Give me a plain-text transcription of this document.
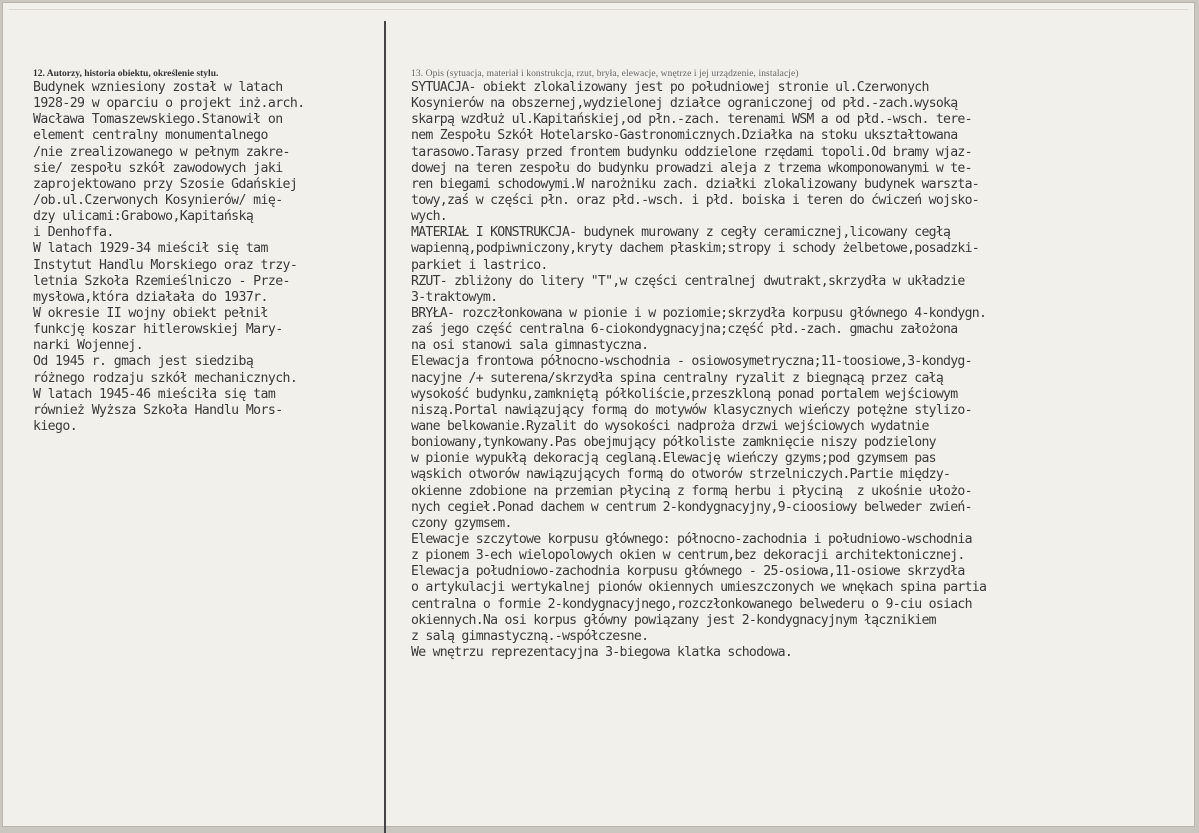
12. Autorzy, historia obiektu, określenie stylu.
Budynek wzniesiony został w latach
1928-29 w oparciu o projekt inż.arch.
Wacława Tomaszewskiego.Stanowił on
element centralny monumentalnego
/nie zrealizowanego w pełnym zakre-
sie/ zespołu szkół zawodowych jaki
zaprojektowano przy Szosie Gdańskiej
/ob.ul.Czerwonych Kosynierów/ mię-
dzy ulicami:Grabowo,Kapitańską
i Denhoffa.
W latach 1929-34 mieścił się tam
Instytut Handlu Morskiego oraz trzy-
letnia Szkoła Rzemieślniczo - Prze-
mysłowa,która działała do 1937r.
W okresie II wojny obiekt pełnił
funkcję koszar hitlerowskiej Mary-
narki Wojennej.
Od 1945 r. gmach jest siedzibą
różnego rodzaju szkół mechanicznych.
W latach 1945-46 mieściła się tam
również Wyższa Szkoła Handlu Mors-
kiego.
13. Opis (sytuacja, materiał i konstrukcja, rzut, bryła, elewacje, wnętrze i jej urządzenie, instalacje)
SYTUACJA- obiekt zlokalizowany jest po południowej stronie ul.Czerwonych
Kosynierów na obszernej,wydzielonej działce ograniczonej od płd.-zach.wysoką
skarpą wzdłuż ul.Kapitańskiej,od płn.-zach. terenami WSM a od płd.-wsch. tere-
nem Zespołu Szkół Hotelarsko-Gastronomicznych.Działka na stoku ukształtowana
tarasowo.Tarasy przed frontem budynku oddzielone rzędami topoli.Od bramy wjaz-
dowej na teren zespołu do budynku prowadzi aleja z trzema wkomponowanymi w te-
ren biegami schodowymi.W narożniku zach. działki zlokalizowany budynek warszta-
towy,zaś w części płn. oraz płd.-wsch. i płd. boiska i teren do ćwiczeń wojsko-
wych.
MATERIAŁ I KONSTRUKCJA- budynek murowany z cegły ceramicznej,licowany cegłą
wapienną,podpiwniczony,kryty dachem płaskim;stropy i schody żelbetowe,posadzki-
parkiet i lastrico.
RZUT- zbliżony do litery "T",w części centralnej dwutrakt,skrzydła w układzie
3-traktowym.
BRYŁA- rozczłonkowana w pionie i w poziomie;skrzydła korpusu głównego 4-kondygn.
zaś jego część centralna 6-ciokondygnacyjna;część płd.-zach. gmachu założona
na osi stanowi sala gimnastyczna.
Elewacja frontowa północno-wschodnia - osiowosymetryczna;11-toosiowe,3-kondyg-
nacyjne /+ suterena/skrzydła spina centralny ryzalit z biegnącą przez całą
wysokość budynku,zamkniętą półkoliście,przeszkloną ponad portalem wejściowym
niszą.Portal nawiązujący formą do motywów klasycznych wieńczy potężne stylizo-
wane belkowanie.Ryzalit do wysokości nadproża drzwi wejściowych wydatnie
boniowany,tynkowany.Pas obejmujący półkoliste zamknięcie niszy podzielony
w pionie wypukłą dekoracją ceglaną.Elewację wieńczy gzyms;pod gzymsem pas
wąskich otworów nawiązujących formą do otworów strzelniczych.Partie między-
okienne zdobione na przemian płyciną z formą herbu i płyciną  z ukośnie ułożo-
nych cegieł.Ponad dachem w centrum 2-kondygnacyjny,9-cioosiowy belweder zwień-
czony gzymsem.
Elewacje szczytowe korpusu głównego: północno-zachodnia i południowo-wschodnia
z pionem 3-ech wielopolowych okien w centrum,bez dekoracji architektonicznej.
Elewacja południowo-zachodnia korpusu głównego - 25-osiowa,11-osiowe skrzydła
o artykulacji wertykalnej pionów okiennych umieszczonych we wnękach spina partia
centralna o formie 2-kondygnacyjnego,rozczłonkowanego belwederu o 9-ciu osiach
okiennych.Na osi korpus główny powiązany jest 2-kondygnacyjnym łącznikiem
z salą gimnastyczną.-współczesne.
We wnętrzu reprezentacyjna 3-biegowa klatka schodowa.
